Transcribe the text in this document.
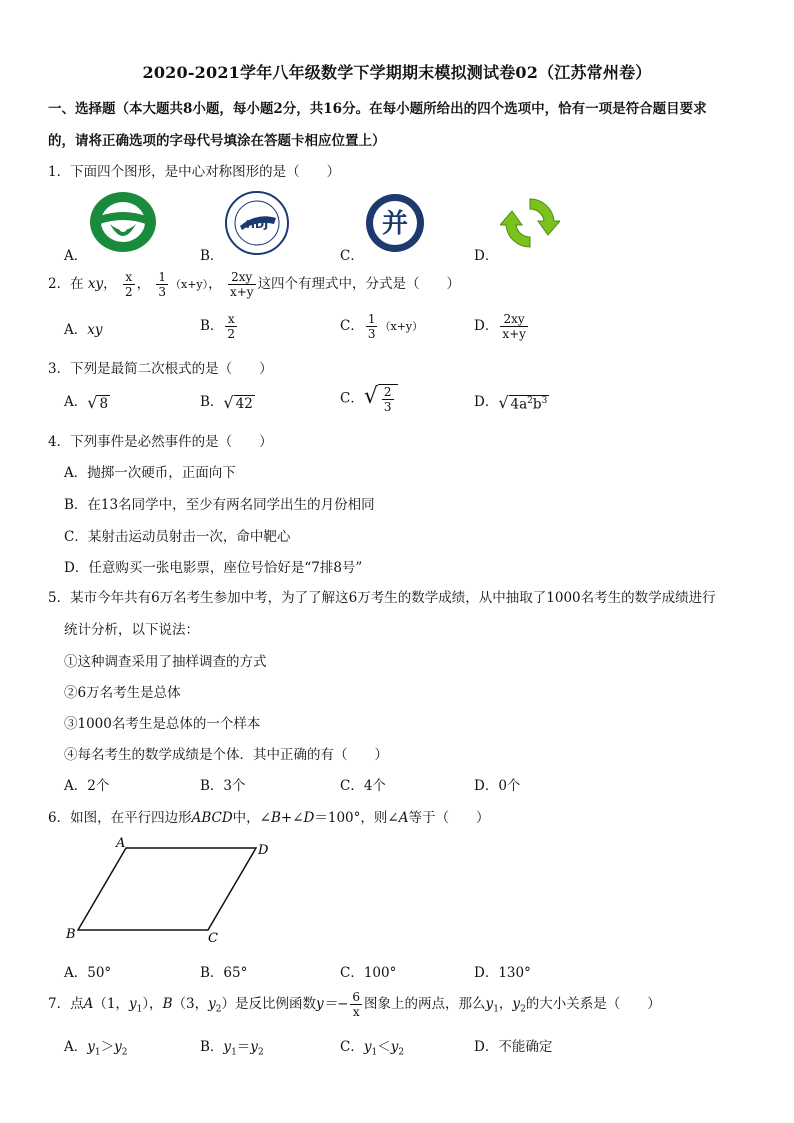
2020-2021学年八年级数学下学期期末模拟测试卷02（江苏常州卷）
一、选择题（本大题共8小题，每小题2分，共16分。在每小题所给出的四个选项中，恰有一项是符合题目要求
的，请将正确选项的字母代号填涂在答题卡相应位置上）
1．下面四个图形，是中心对称图形的是（　　）
HDJ	并
A．	B．	C．	D．
2．在 xy， $\frac{x}{2}$ ， $\frac{1}{3} (x+y)$， $\frac{2xy}{x+y}$ 这四个有理式中，分式是（　　）
A．xy	B． $\frac{x}{2}$	C． $\frac{1}{3} (x+y)$	D． $\frac{2xy}{x+y}$
3．下列是最简二次根式的是（　　）
A．√ 8	B．√ 42	C．√ $\frac{2}{3}$	D．√ $4a^2b^3$
4．下列事件是必然事件的是（　　）
A．抛掷一次硬币，正面向下
B．在13名同学中，至少有两名同学出生的月份相同
C．某射击运动员射击一次，命中靶心
D．任意购买一张电影票，座位号恰好是“7排8号”
5．某市今年共有6万名考生参加中考，为了了解这6万考生的数学成绩，从中抽取了1000名考生的数学成绩进行
统计分析，以下说法：
①这种调查采用了抽样调查的方式
②6万名考生是总体
③1000名考生是总体的一个样本
④每名考生的数学成绩是个体．其中正确的有（　　）
A．2个	B．3个	C．4个	D．0个
6．如图，在平行四边形ABCD中，∠B+∠D＝100°，则∠A等于（　　）
A	D
B	C
A．50°	B．65°	C．100°	D．130°
7．点A（1，$y_1$），B（3，$y_2$）是反比例函数$y=- \frac{6}{x}$ 图象上的两点，那么$y_1$，$y_2$的大小关系是（　　）
A．$y_1>y_2$	B．$y_1=y_2$	C．$y_1<y_2$	D．不能确定
